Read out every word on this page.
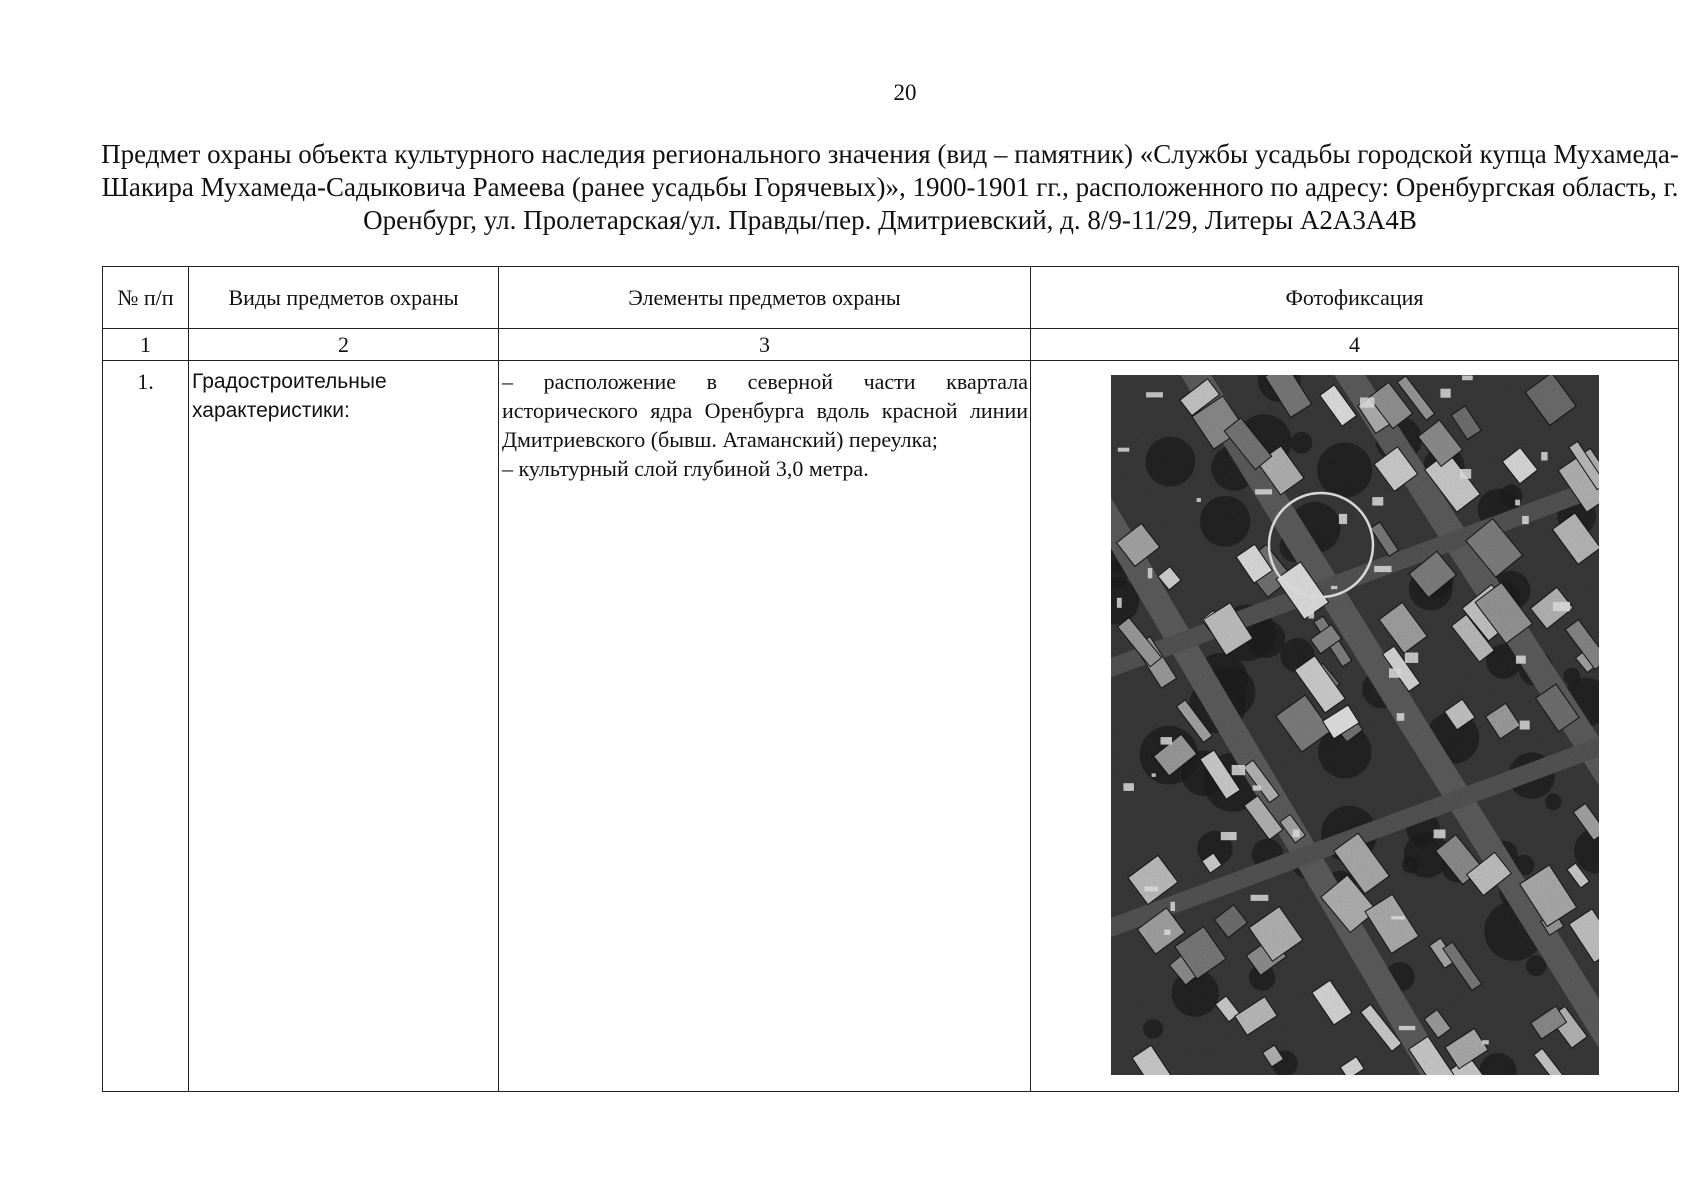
20
Предмет охраны объекта культурного наследия регионального значения (вид – памятник) «Службы усадьбы городской купца Мухамеда-Шакира Мухамеда-Садыковича Рамеева (ранее усадьбы Горячевых)», 1900-1901 гг., расположенного по адресу: Оренбургская область, г. Оренбург, ул. Пролетарская/ул. Правды/пер. Дмитриевский, д. 8/9-11/29, Литеры А2А3А4В
№ п/п	Виды предметов охраны	Элементы предметов охраны	Фотофиксация
1	2	3	4
1.	Градостроительные характеристики:	– расположение в северной части квартала исторического ядра Оренбурга вдоль красной линии Дмитриевского (бывш. Атаманский) переулка;
– культурный слой глубиной 3,0 метра.
